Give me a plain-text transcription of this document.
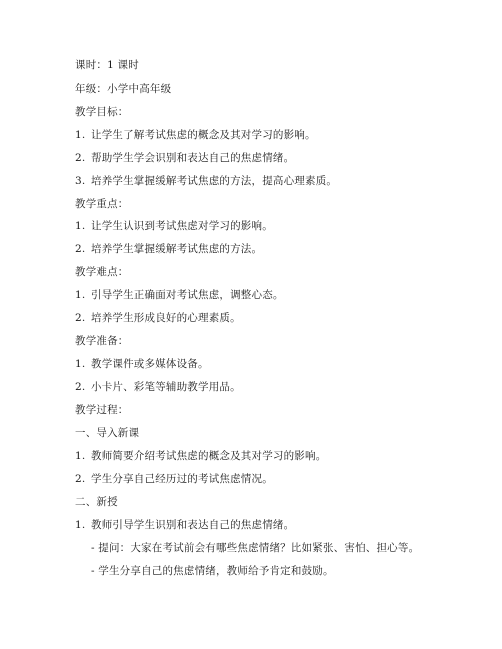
课时：1 课时
年级：小学中高年级
教学目标：
1. 让学生了解考试焦虑的概念及其对学习的影响。
2. 帮助学生学会识别和表达自己的焦虑情绪。
3. 培养学生掌握缓解考试焦虑的方法，提高心理素质。
教学重点：
1. 让学生认识到考试焦虑对学习的影响。
2. 培养学生掌握缓解考试焦虑的方法。
教学难点：
1. 引导学生正确面对考试焦虑，调整心态。
2. 培养学生形成良好的心理素质。
教学准备：
1. 教学课件或多媒体设备。
2. 小卡片、彩笔等辅助教学用品。
教学过程：
一、导入新课
1. 教师简要介绍考试焦虑的概念及其对学习的影响。
2. 学生分享自己经历过的考试焦虑情况。
二、新授
1. 教师引导学生识别和表达自己的焦虑情绪。
- 提问：大家在考试前会有哪些焦虑情绪？比如紧张、害怕、担心等。
- 学生分享自己的焦虑情绪，教师给予肯定和鼓励。
